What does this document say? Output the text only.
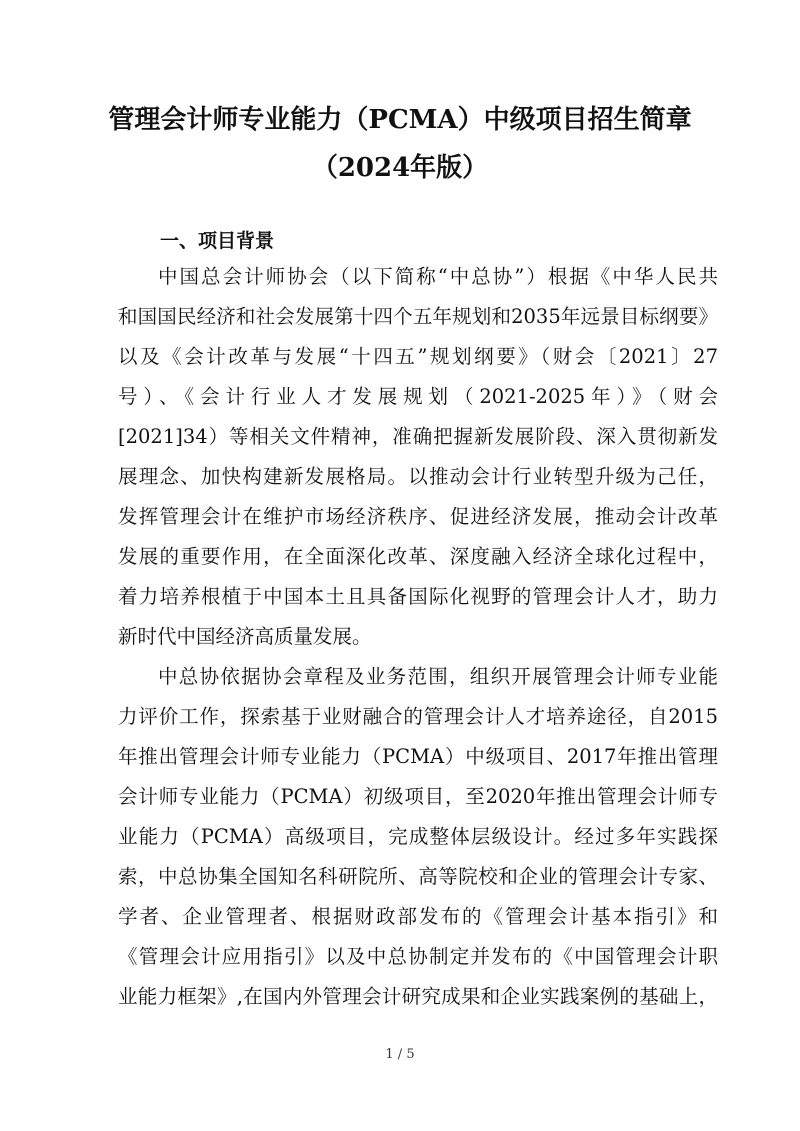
管理会计师专业能力（PCMA）中级项目招生简章
（2024年版）
一、项目背景
中国总会计师协会（以下简称“中总协”）根据《中华人民共
和国国民经济和社会发展第十四个五年规划和2035年远景目标纲要》
以及《会计改革与发展“十四五”规划纲要》（财会〔2021〕27
号）、《会计行业人才发展规划（2021-2025年）》（财会
[2021]34）等相关文件精神，准确把握新发展阶段、深入贯彻新发
展理念、加快构建新发展格局。以推动会计行业转型升级为己任，
发挥管理会计在维护市场经济秩序、促进经济发展，推动会计改革
发展的重要作用，在全面深化改革、深度融入经济全球化过程中，
着力培养根植于中国本土且具备国际化视野的管理会计人才，助力
新时代中国经济高质量发展。
中总协依据协会章程及业务范围，组织开展管理会计师专业能
力评价工作，探索基于业财融合的管理会计人才培养途径，自2015
年推出管理会计师专业能力（PCMA）中级项目、2017年推出管理
会计师专业能力（PCMA）初级项目，至2020年推出管理会计师专
业能力（PCMA）高级项目，完成整体层级设计。经过多年实践探
索，中总协集全国知名科研院所、高等院校和企业的管理会计专家、
学者、企业管理者、根据财政部发布的《管理会计基本指引》和
《管理会计应用指引》以及中总协制定并发布的《中国管理会计职
业能力框架》,在国内外管理会计研究成果和企业实践案例的基础上，
1 / 5
